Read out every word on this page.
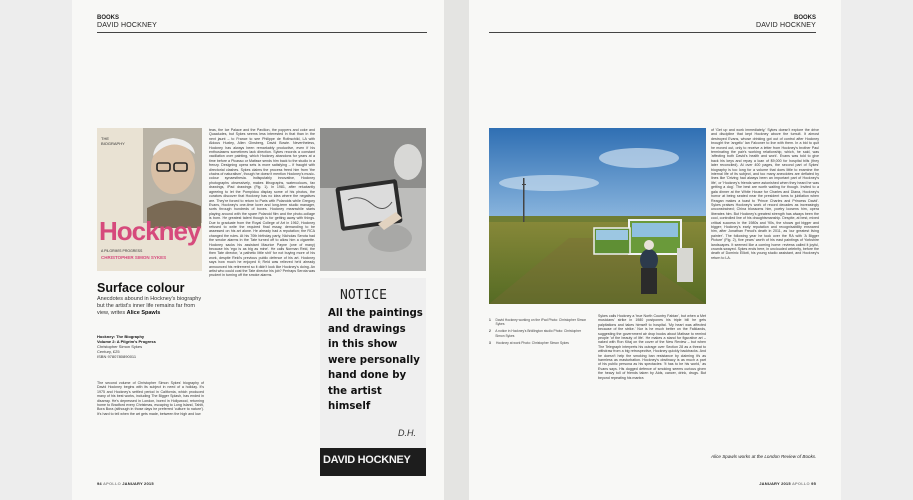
BOOKS
DAVID HOCKNEY
BOOKS
DAVID HOCKNEY
THE BIOGRAPHY
Hockney
A PILGRIM'S PROGRESS
CHRISTOPHER SIMON SYKES
Surface colour
Anecdotes abound in Hockney's biography but the artist's inner life remains far from view, writes Alice Spawls
Hockney: The Biography
Volume 2: A Pilgrim's Progress
Christopher Simon Sykes
Century, £25
ISBN 9780780890011

The second volume of Christopher Simon Sykes' biography of David Hockney begins with its subject in need of a holiday. It's 1975 and Hockney's settled period in California, which produced many of his best works, including The Bigger Splash, has ended in disarray. He's depressed in London, bored in Hollywood, returning home to Bradford every Christmas, escaping to Long Island, Tahiti, Bora Bora (although in those days he preferred 'culture to nature'). It's hard to tell when the art gets made, between the high and low

teas, the Ice Palace and the Pavilion, the poppers and coke and Quaaludes, but Sykes seems less interested in that than in the next jaunt – to France to see Philippe de Rothschild, LA with Aldous Huxley, Allen Ginsberg, David Bowie. Nevertheless, Hockney has always been remarkably productive, even if his enthusiasms sometimes lack direction. Sykes records a constant vacillation over painting, which Hockney abandons for years at a time before a Picasso or Matisse sends him back to the studio in a frenzy. Designing opera sets is more satisfying – if fraught with directorial clashes. Sykes claims the process freed him from 'the chains of naturalism', though he doesn't mention Hockney's music-colour synaesthesia. Indisputably innovative, Hockney photographs obsessively, makes lithographs, watercolours, fax drawings, iPad drawings (Fig. 1). In 1981, after reluctantly agreeing to let the Pompidou display some of his photos, the curators discover that Hockney has no idea where the negatives are. They're forced to return to Paris with Polaroids while Gregory Evans, Hockney's one-time lover and long-term studio manager, sorts through hundreds of boxes. Hockney meanwhile starts playing around with the spare Polaroid film and the photo-collage is born. He greatest talent though is for getting away with things. Due to graduate from the Royal College of Art in 1962, Hockney refused to write the required final essay, demanding to be assessed on his art alone. He already had a reputation; the RCA changed the rules. At his 70th birthday party, Nicholas Serota had the smoke alarms in the Tate turned off to allow him a cigarette. Hockney sacks his assistant Maurice Payne (one of many) because his 'ego is as big as mine'. He calls Norman Reid, the then Tate director, 'a pathetic little shit' for not buying more of his work, despite Reid's previous public defence of his art. Hockney says how much he enjoyed it; Reid was relieved he'd already announced his retirement so it didn't look like Hockney's doing. An artist who could cost the Tate director his job? Perhaps Serota was prudent in turning off the smoke alarms.

NOTICE
All the paintings
and drawings
in this show
were personally
hand done by
the artist
himself
D.H.
DAVID HOCKNEY
1	David Hockney working on the iPad Photo: Christopher Simon Sykes
2	A notice in Hockney's Bridlington studio Photo: Christopher Simon Sykes
3	Hockney at work Photo: Christopher Simon Sykes

Sykes calls Hockney a 'true North Country Fabian', but when a Met musicians' strike in 1980 postpones his triple bill he gets palpitations and takes himself to hospital. 'My heart was affected because of the strike.' Nor is he much better on the Falklands, suggesting the government air drop books about Matisse to remind people 'of the beauty of life'. He makes a stand for figurative art – naked with Ron Kitaj on the cover of the New Review – but when The Telegraph interprets his outrage over Section 28 as a threat to withdraw from a big retrospective, Hockney quickly backtracks. And he doesn't help the smoking ban resistance by claiming it's as harmless as masturbation. Hockney's obstinacy is as much a part of his public persona as his spectacles: 'It has to be his world,' as Evans says. His dogged defence of smoking seems curious given the heavy toll of friends taken by Aids, cancer, drink, drugs. But beyond repeating his mantra

of 'Get up and work immediately,' Sykes doesn't explore the drive and discipline that kept Hockney above the tumult. It almost destroyed Evans, whose drinking got out of control after Hockney brought the 'angelic' Ian Falconer to live with them. In a bid to quit he moved out, only to receive a letter from Hockney's brother Paul terminating the pair's working relationship, which, he said, was 'affecting both David's health and work'. Evans was told to give back his keys and repay a loan of $9,000 for hospital bills (they later reconciled). At over 400 pages, the second part of Sykes' biography is too long for a volume that does little to examine the internal life of its subject, and too many anecdotes are deflated by lines like 'Driving had always been an important part of Hockney's life', or 'Hockney's friends were astonished when they heard he was getting a dog'. The best are worth waiting for though. Invited to a gala dinner at the White House for Charles and Diana, Hockney's horror at being seated near the president turns to jubilation when Reagan makes a toast to 'Prince Charles and Princess David'. Sykes praises Hockney's work of record decades as increasingly unconstrained; China blossoms him, poetry loosens him, opera liberates him. But Hockney's greatest strength has always been the cool, controlled line of his draughtsmanship. Despite, at best, mixed critical success in the 1980s and '90s, the shows got bigger and bigger; Hockney's early reputation and recognisability ensnared him, after Jonathan Freud's death in 2011, as 'our greatest living painter'. The following year he took over the RA with 'A Bigger Picture' (Fig. 2), five years' worth of his east paintings of Yorkshire landscapes. It seemed like a coming home: reviews called it joyful, crowds swayed. Sykes ends here, in unclouded celebrity, before the death of Dominic Elliott, his young studio assistant, and Hockney's return to LA.

Alice Spawls works at the London Review of Books.
94 APOLLO JANUARY 2015	JANUARY 2015 APOLLO 95
